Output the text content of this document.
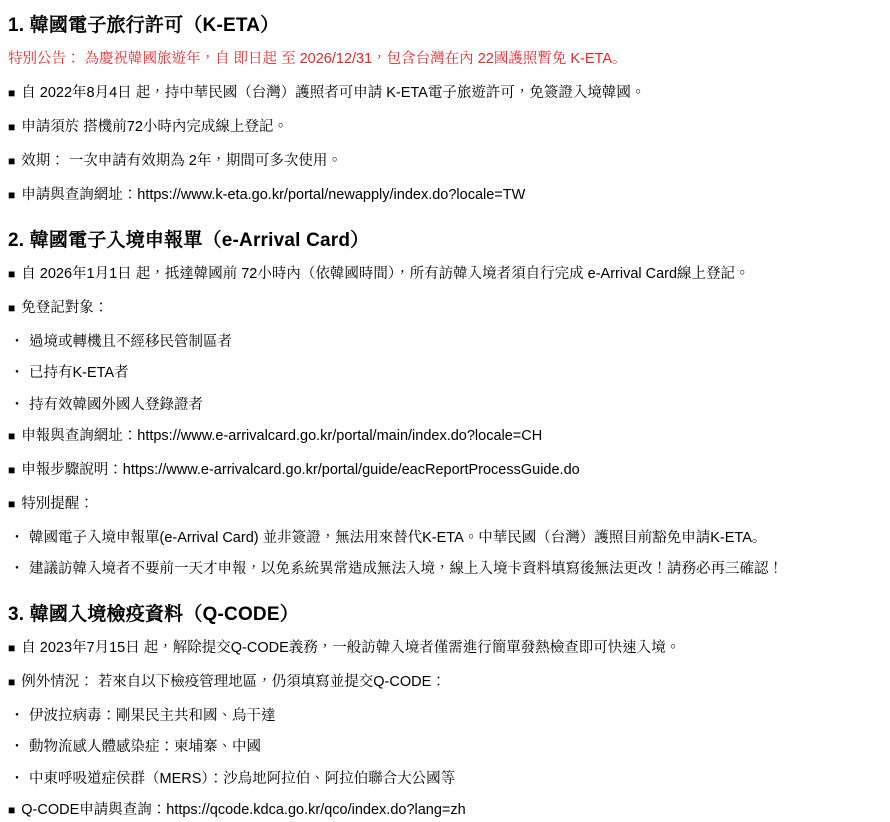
1. 韓國電子旅行許可（K-ETA）
特別公告： 為慶祝韓國旅遊年，自 即日起 至 2026/12/31，包含台灣在內 22國護照暫免 K-ETA。
■ 自 2022年8月4日 起，持中華民國（台灣）護照者可申請 K-ETA電子旅遊許可，免簽證入境韓國。
■ 申請須於 搭機前72小時內完成線上登記。
■ 效期： 一次申請有效期為 2年，期間可多次使用。
■ 申請與查詢網址：https://www.k-eta.go.kr/portal/newapply/index.do?locale=TW
2. 韓國電子入境申報單（e-Arrival Card）
■ 自 2026年1月1日 起，抵達韓國前 72小時內（依韓國時間），所有訪韓入境者須自行完成 e-Arrival Card線上登記。
■ 免登記對象：
・ 過境或轉機且不經移民管制區者
・ 已持有K-ETA者
・ 持有效韓國外國人登錄證者
■ 申報與查詢網址：https://www.e-arrivalcard.go.kr/portal/main/index.do?locale=CH
■ 申報步驟說明：https://www.e-arrivalcard.go.kr/portal/guide/eacReportProcessGuide.do
■ 特別提醒：
・ 韓國電子入境申報單(e-Arrival Card) 並非簽證，無法用來替代K-ETA。中華民國（台灣）護照目前豁免申請K-ETA。
・ 建議訪韓入境者不要前一天才申報，以免系統異常造成無法入境，線上入境卡資料填寫後無法更改！請務必再三確認！
3. 韓國入境檢疫資料（Q-CODE）
■ 自 2023年7月15日 起，解除提交Q-CODE義務，一般訪韓入境者僅需進行簡單發熱檢查即可快速入境。
■ 例外情況： 若來自以下檢疫管理地區，仍須填寫並提交Q-CODE：
・ 伊波拉病毒：剛果民主共和國、烏干達
・ 動物流感人體感染症：柬埔寨、中國
・ 中東呼吸道症侯群（MERS）：沙烏地阿拉伯、阿拉伯聯合大公國等
■ Q-CODE申請與查詢：https://qcode.kdca.go.kr/qco/index.do?lang=zh
